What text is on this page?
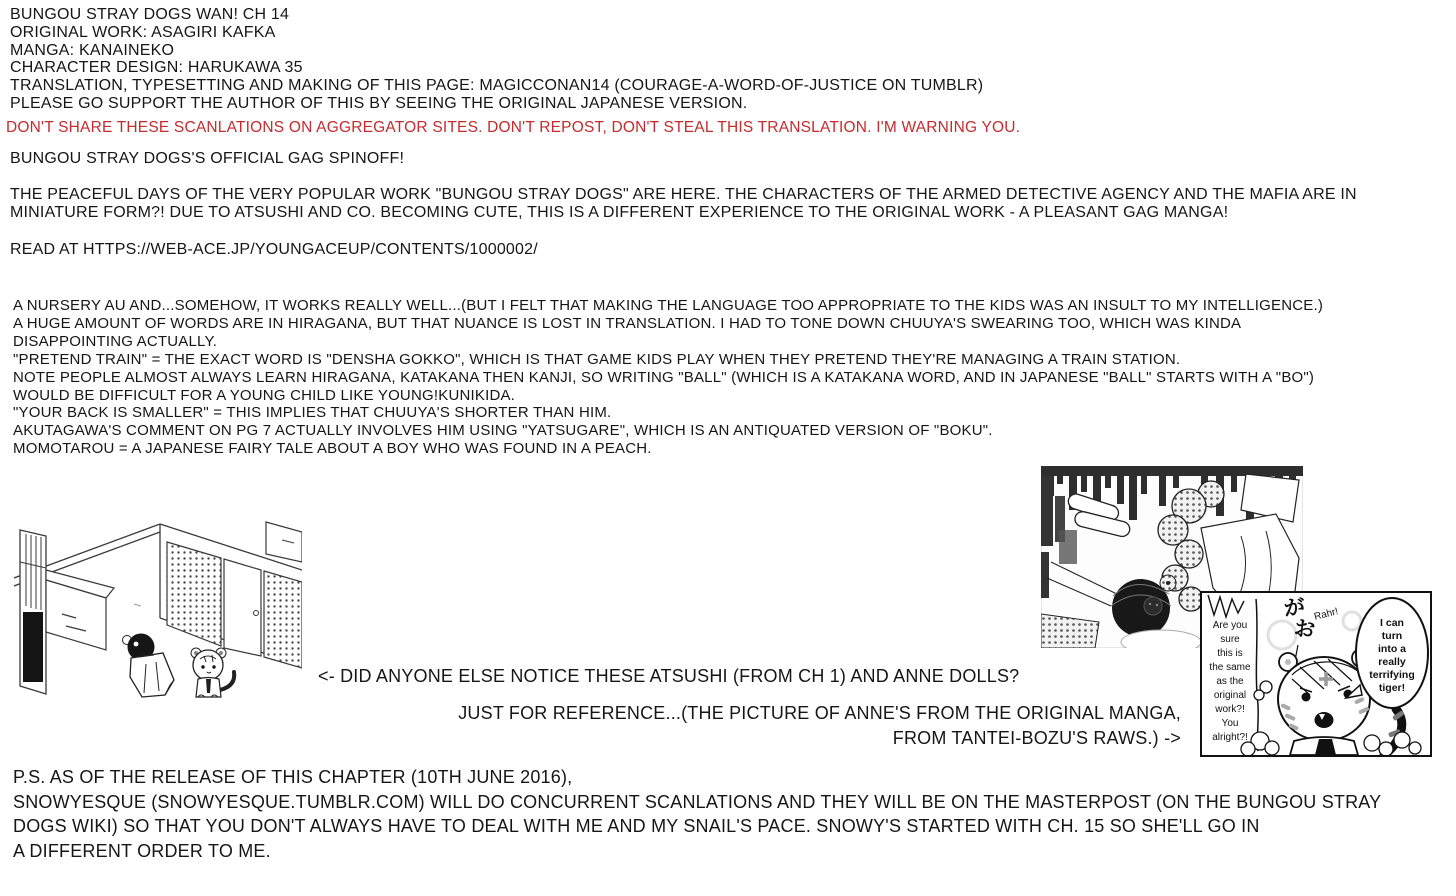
BUNGOU STRAY DOGS WAN! CH 14
ORIGINAL WORK: ASAGIRI KAFKA
MANGA: KANAINEKO
CHARACTER DESIGN: HARUKAWA 35
TRANSLATION, TYPESETTING AND MAKING OF THIS PAGE: MAGICCONAN14 (COURAGE-A-WORD-OF-JUSTICE ON TUMBLR)
PLEASE GO SUPPORT THE AUTHOR OF THIS BY SEEING THE ORIGINAL JAPANESE VERSION.
DON'T SHARE THESE SCANLATIONS ON AGGREGATOR SITES. DON'T REPOST, DON'T STEAL THIS TRANSLATION. I'M WARNING YOU.
BUNGOU STRAY DOGS'S OFFICIAL GAG SPINOFF!
THE PEACEFUL DAYS OF THE VERY POPULAR WORK "BUNGOU STRAY DOGS" ARE HERE. THE CHARACTERS OF THE ARMED DETECTIVE AGENCY AND THE MAFIA ARE IN
MINIATURE FORM?! DUE TO ATSUSHI AND CO. BECOMING CUTE, THIS IS A DIFFERENT EXPERIENCE TO THE ORIGINAL WORK - A PLEASANT GAG MANGA!
READ AT HTTPS://WEB-ACE.JP/YOUNGACEUP/CONTENTS/1000002/
A NURSERY AU AND...SOMEHOW, IT WORKS REALLY WELL...(BUT I FELT THAT MAKING THE LANGUAGE TOO APPROPRIATE TO THE KIDS WAS AN INSULT TO MY INTELLIGENCE.)
A HUGE AMOUNT OF WORDS ARE IN HIRAGANA, BUT THAT NUANCE IS LOST IN TRANSLATION. I HAD TO TONE DOWN CHUUYA'S SWEARING TOO, WHICH WAS KINDA
DISAPPOINTING ACTUALLY.
"PRETEND TRAIN" = THE EXACT WORD IS "DENSHA GOKKO", WHICH IS THAT GAME KIDS PLAY WHEN THEY PRETEND THEY'RE MANAGING A TRAIN STATION.
NOTE PEOPLE ALMOST ALWAYS LEARN HIRAGANA, KATAKANA THEN KANJI, SO WRITING "BALL" (WHICH IS A KATAKANA WORD, AND IN JAPANESE "BALL" STARTS WITH A "BO")
WOULD BE DIFFICULT FOR A YOUNG CHILD LIKE YOUNG!KUNIKIDA.
"YOUR BACK IS SMALLER" = THIS IMPLIES THAT CHUUYA'S SHORTER THAN HIM.
AKUTAGAWA'S COMMENT ON PG 7 ACTUALLY INVOLVES HIM USING "YATSUGARE", WHICH IS AN ANTIQUATED VERSION OF "BOKU".
MOMOTAROU = A JAPANESE FAIRY TALE ABOUT A BOY WHO WAS FOUND IN A PEACH.
<- DID ANYONE ELSE NOTICE THESE ATSUSHI (FROM CH 1) AND ANNE DOLLS?
JUST FOR REFERENCE...(THE PICTURE OF ANNE'S FROM THE ORIGINAL MANGA,
FROM TANTEI-BOZU'S RAWS.) ->
Are you
sure
this is
the same
as the
original
work?!
You
alright?!
が
お
Rahr!
I can
turn
into a
really
terrifying
tiger!
P.S. AS OF THE RELEASE OF THIS CHAPTER (10TH JUNE 2016),
SNOWYESQUE (SNOWYESQUE.TUMBLR.COM) WILL DO CONCURRENT SCANLATIONS AND THEY WILL BE ON THE MASTERPOST (ON THE BUNGOU STRAY
DOGS WIKI) SO THAT YOU DON'T ALWAYS HAVE TO DEAL WITH ME AND MY SNAIL'S PACE. SNOWY'S STARTED WITH CH. 15 SO SHE'LL GO IN
A DIFFERENT ORDER TO ME.
